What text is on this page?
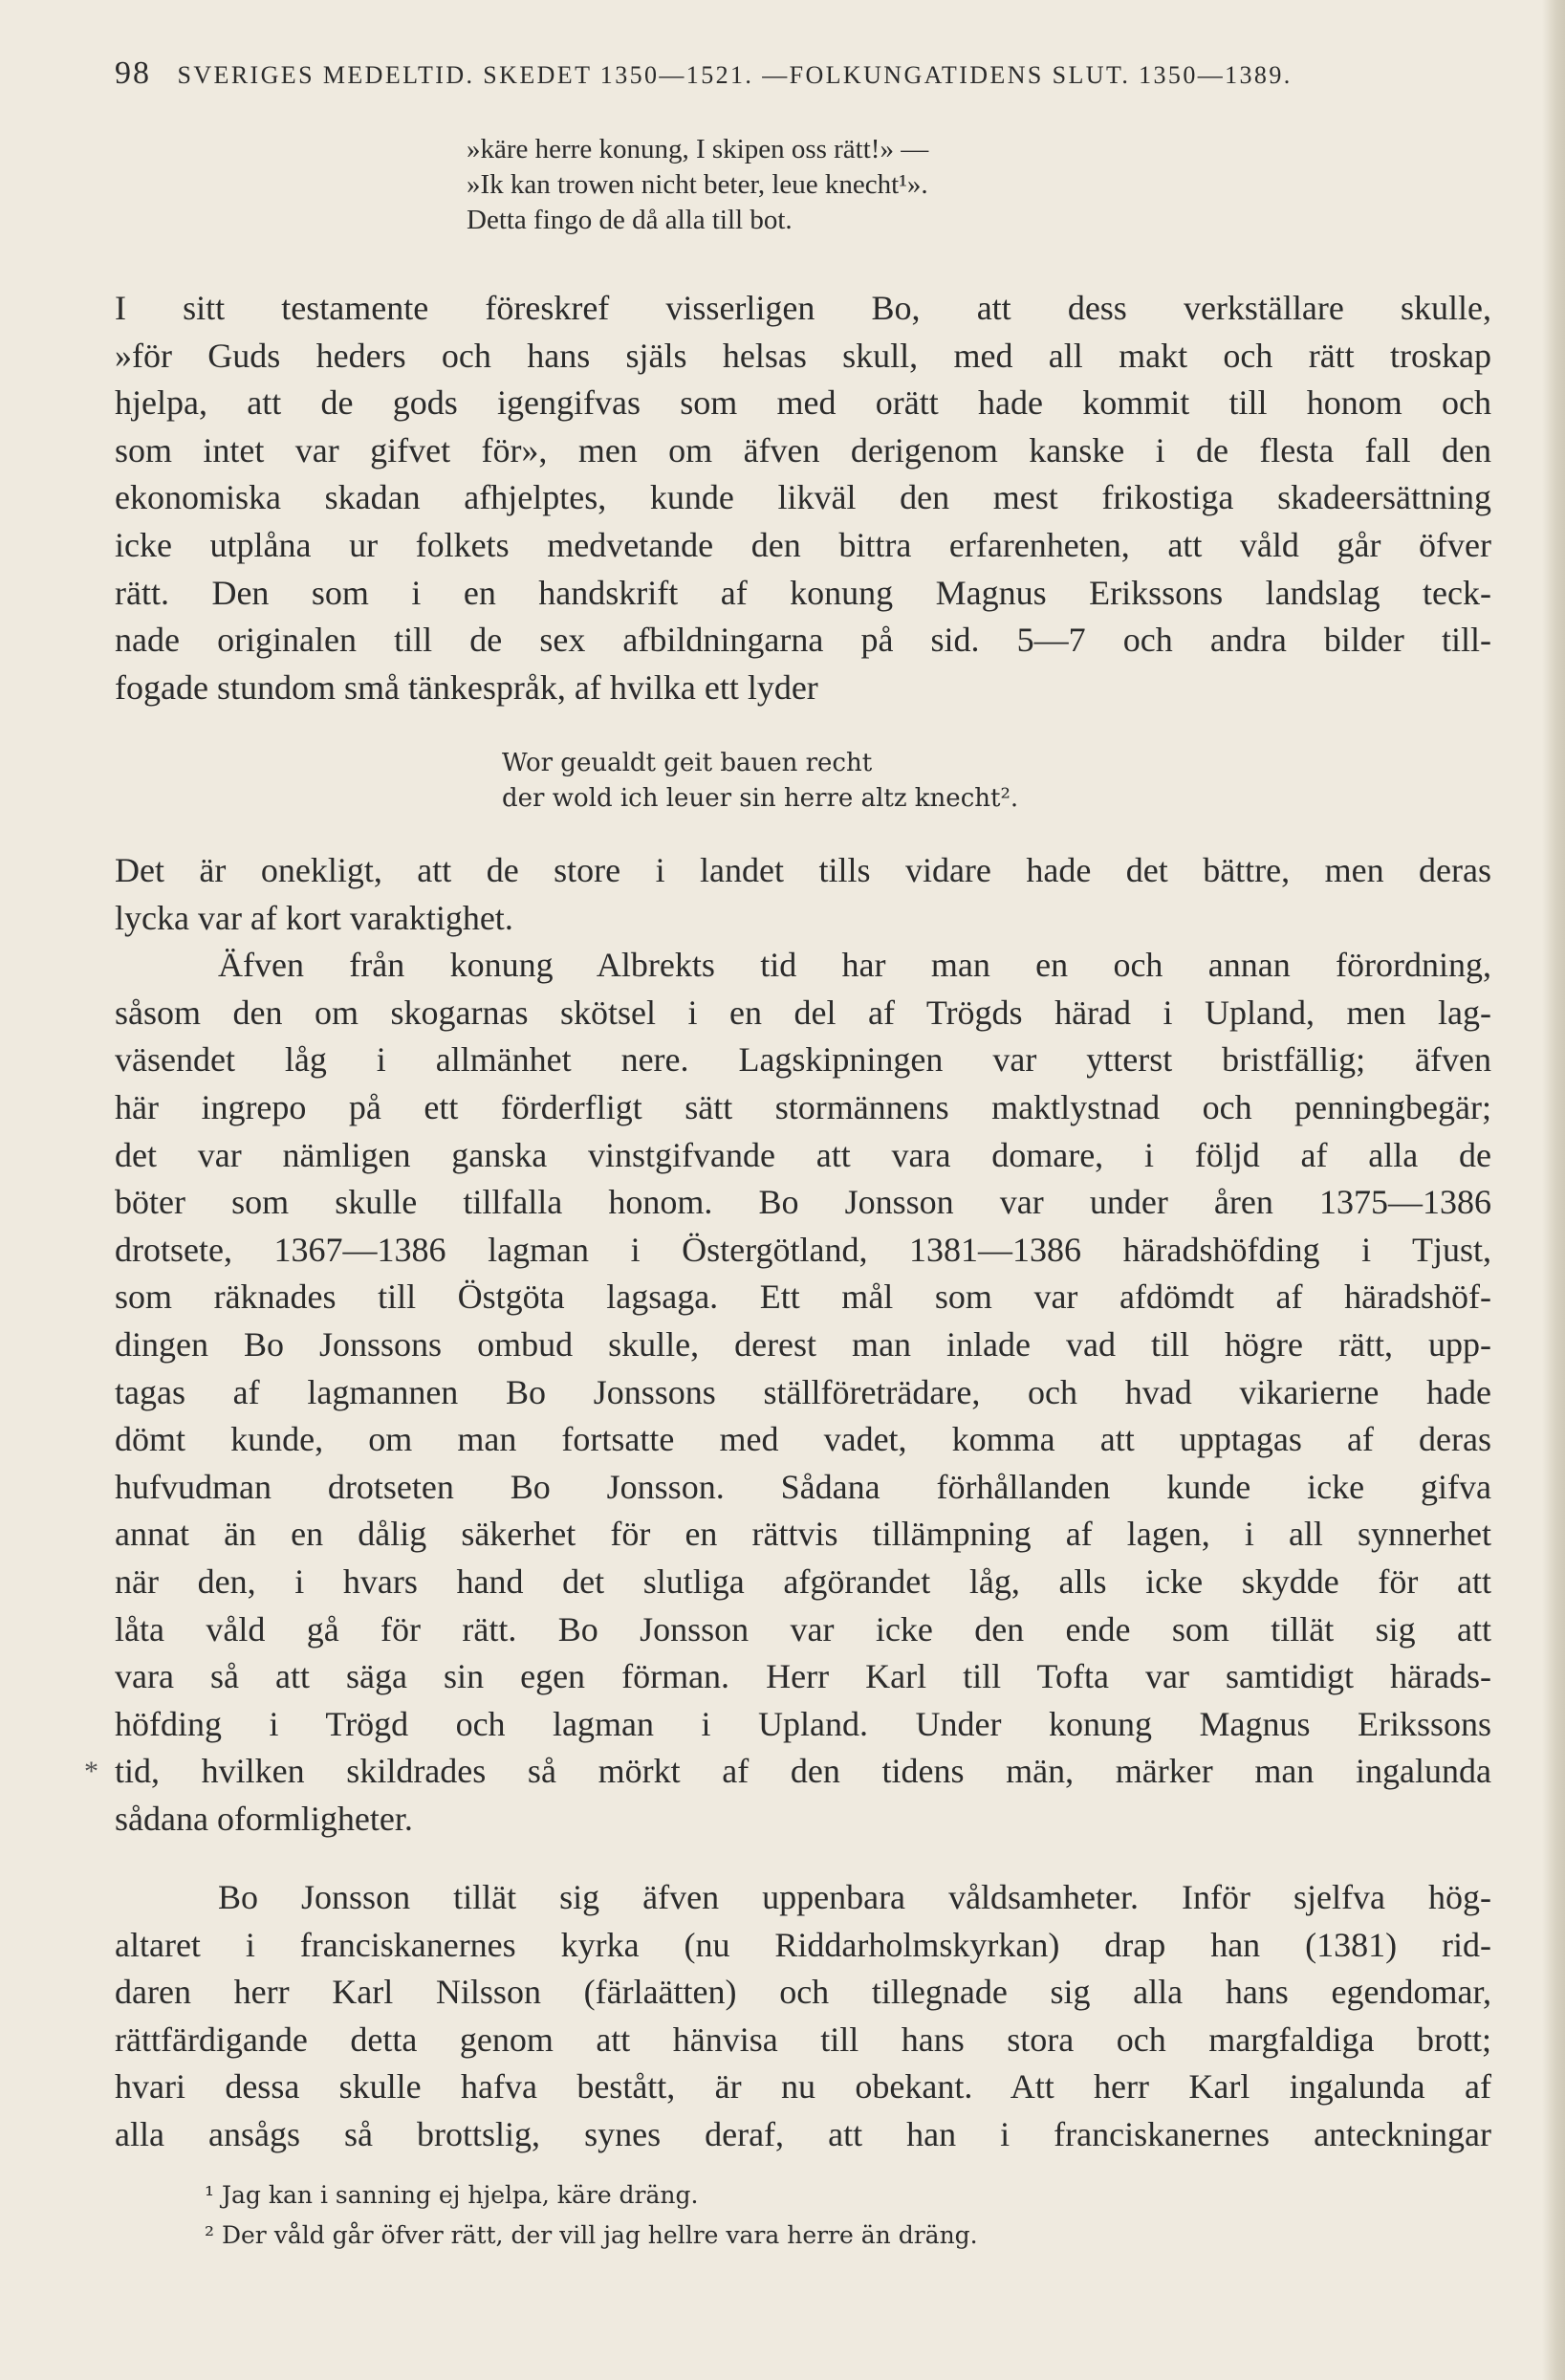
98 SVERIGES MEDELTID. SKEDET 1350—1521. —FOLKUNGATIDENS SLUT. 1350—1389.
»käre herre konung, I skipen oss rätt!» —
»Ik kan trowen nicht beter, leue knecht¹».
Detta fingo de då alla till bot.
I sitt testamente föreskref visserligen Bo, att dess verkställare skulle,
»för Guds heders och hans själs helsas skull, med all makt och rätt troskap
hjelpa, att de gods igengifvas som med orätt hade kommit till honom och
som intet var gifvet för», men om äfven derigenom kanske i de flesta fall den
ekonomiska skadan afhjelptes, kunde likväl den mest frikostiga skadeersättning
icke utplåna ur folkets medvetande den bittra erfarenheten, att våld går öfver
rätt. Den som i en handskrift af konung Magnus Erikssons landslag teck-
nade originalen till de sex afbildningarna på sid. 5—7 och andra bilder till-
fogade stundom små tänkespråk, af hvilka ett lyder
Wor geualdt geit bauen recht
der wold ich leuer sin herre altz knecht².
Det är onekligt, att de store i landet tills vidare hade det bättre, men deras
lycka var af kort varaktighet.
Äfven från konung Albrekts tid har man en och annan förordning,
såsom den om skogarnas skötsel i en del af Trögds härad i Upland, men lag-
väsendet låg i allmänhet nere. Lagskipningen var ytterst bristfällig; äfven
här ingrepo på ett förderfligt sätt stormännens maktlystnad och penningbegär;
det var nämligen ganska vinstgifvande att vara domare, i följd af alla de
böter som skulle tillfalla honom. Bo Jonsson var under åren 1375—1386
drotsete, 1367—1386 lagman i Östergötland, 1381—1386 häradshöfding i Tjust,
som räknades till Östgöta lagsaga. Ett mål som var afdömdt af häradshöf-
dingen Bo Jonssons ombud skulle, derest man inlade vad till högre rätt, upp-
tagas af lagmannen Bo Jonssons ställföreträdare, och hvad vikarierne hade
dömt kunde, om man fortsatte med vadet, komma att upptagas af deras
hufvudman drotseten Bo Jonsson. Sådana förhållanden kunde icke gifva
annat än en dålig säkerhet för en rättvis tillämpning af lagen, i all synnerhet
när den, i hvars hand det slutliga afgörandet låg, alls icke skydde för att
låta våld gå för rätt. Bo Jonsson var icke den ende som tillät sig att
vara så att säga sin egen förman. Herr Karl till Tofta var samtidigt härads-
höfding i Trögd och lagman i Upland. Under konung Magnus Erikssons
tid, hvilken skildrades så mörkt af den tidens män, märker man ingalunda
sådana oformligheter.
*
Bo Jonsson tillät sig äfven uppenbara våldsamheter. Inför sjelfva hög-
altaret i franciskanernes kyrka (nu Riddarholmskyrkan) drap han (1381) rid-
daren herr Karl Nilsson (färlaätten) och tillegnade sig alla hans egendomar,
rättfärdigande detta genom att hänvisa till hans stora och margfaldiga brott;
hvari dessa skulle hafva bestått, är nu obekant. Att herr Karl ingalunda af
alla ansågs så brottslig, synes deraf, att han i franciskanernes anteckningar
¹ Jag kan i sanning ej hjelpa, käre dräng.
² Der våld går öfver rätt, der vill jag hellre vara herre än dräng.
